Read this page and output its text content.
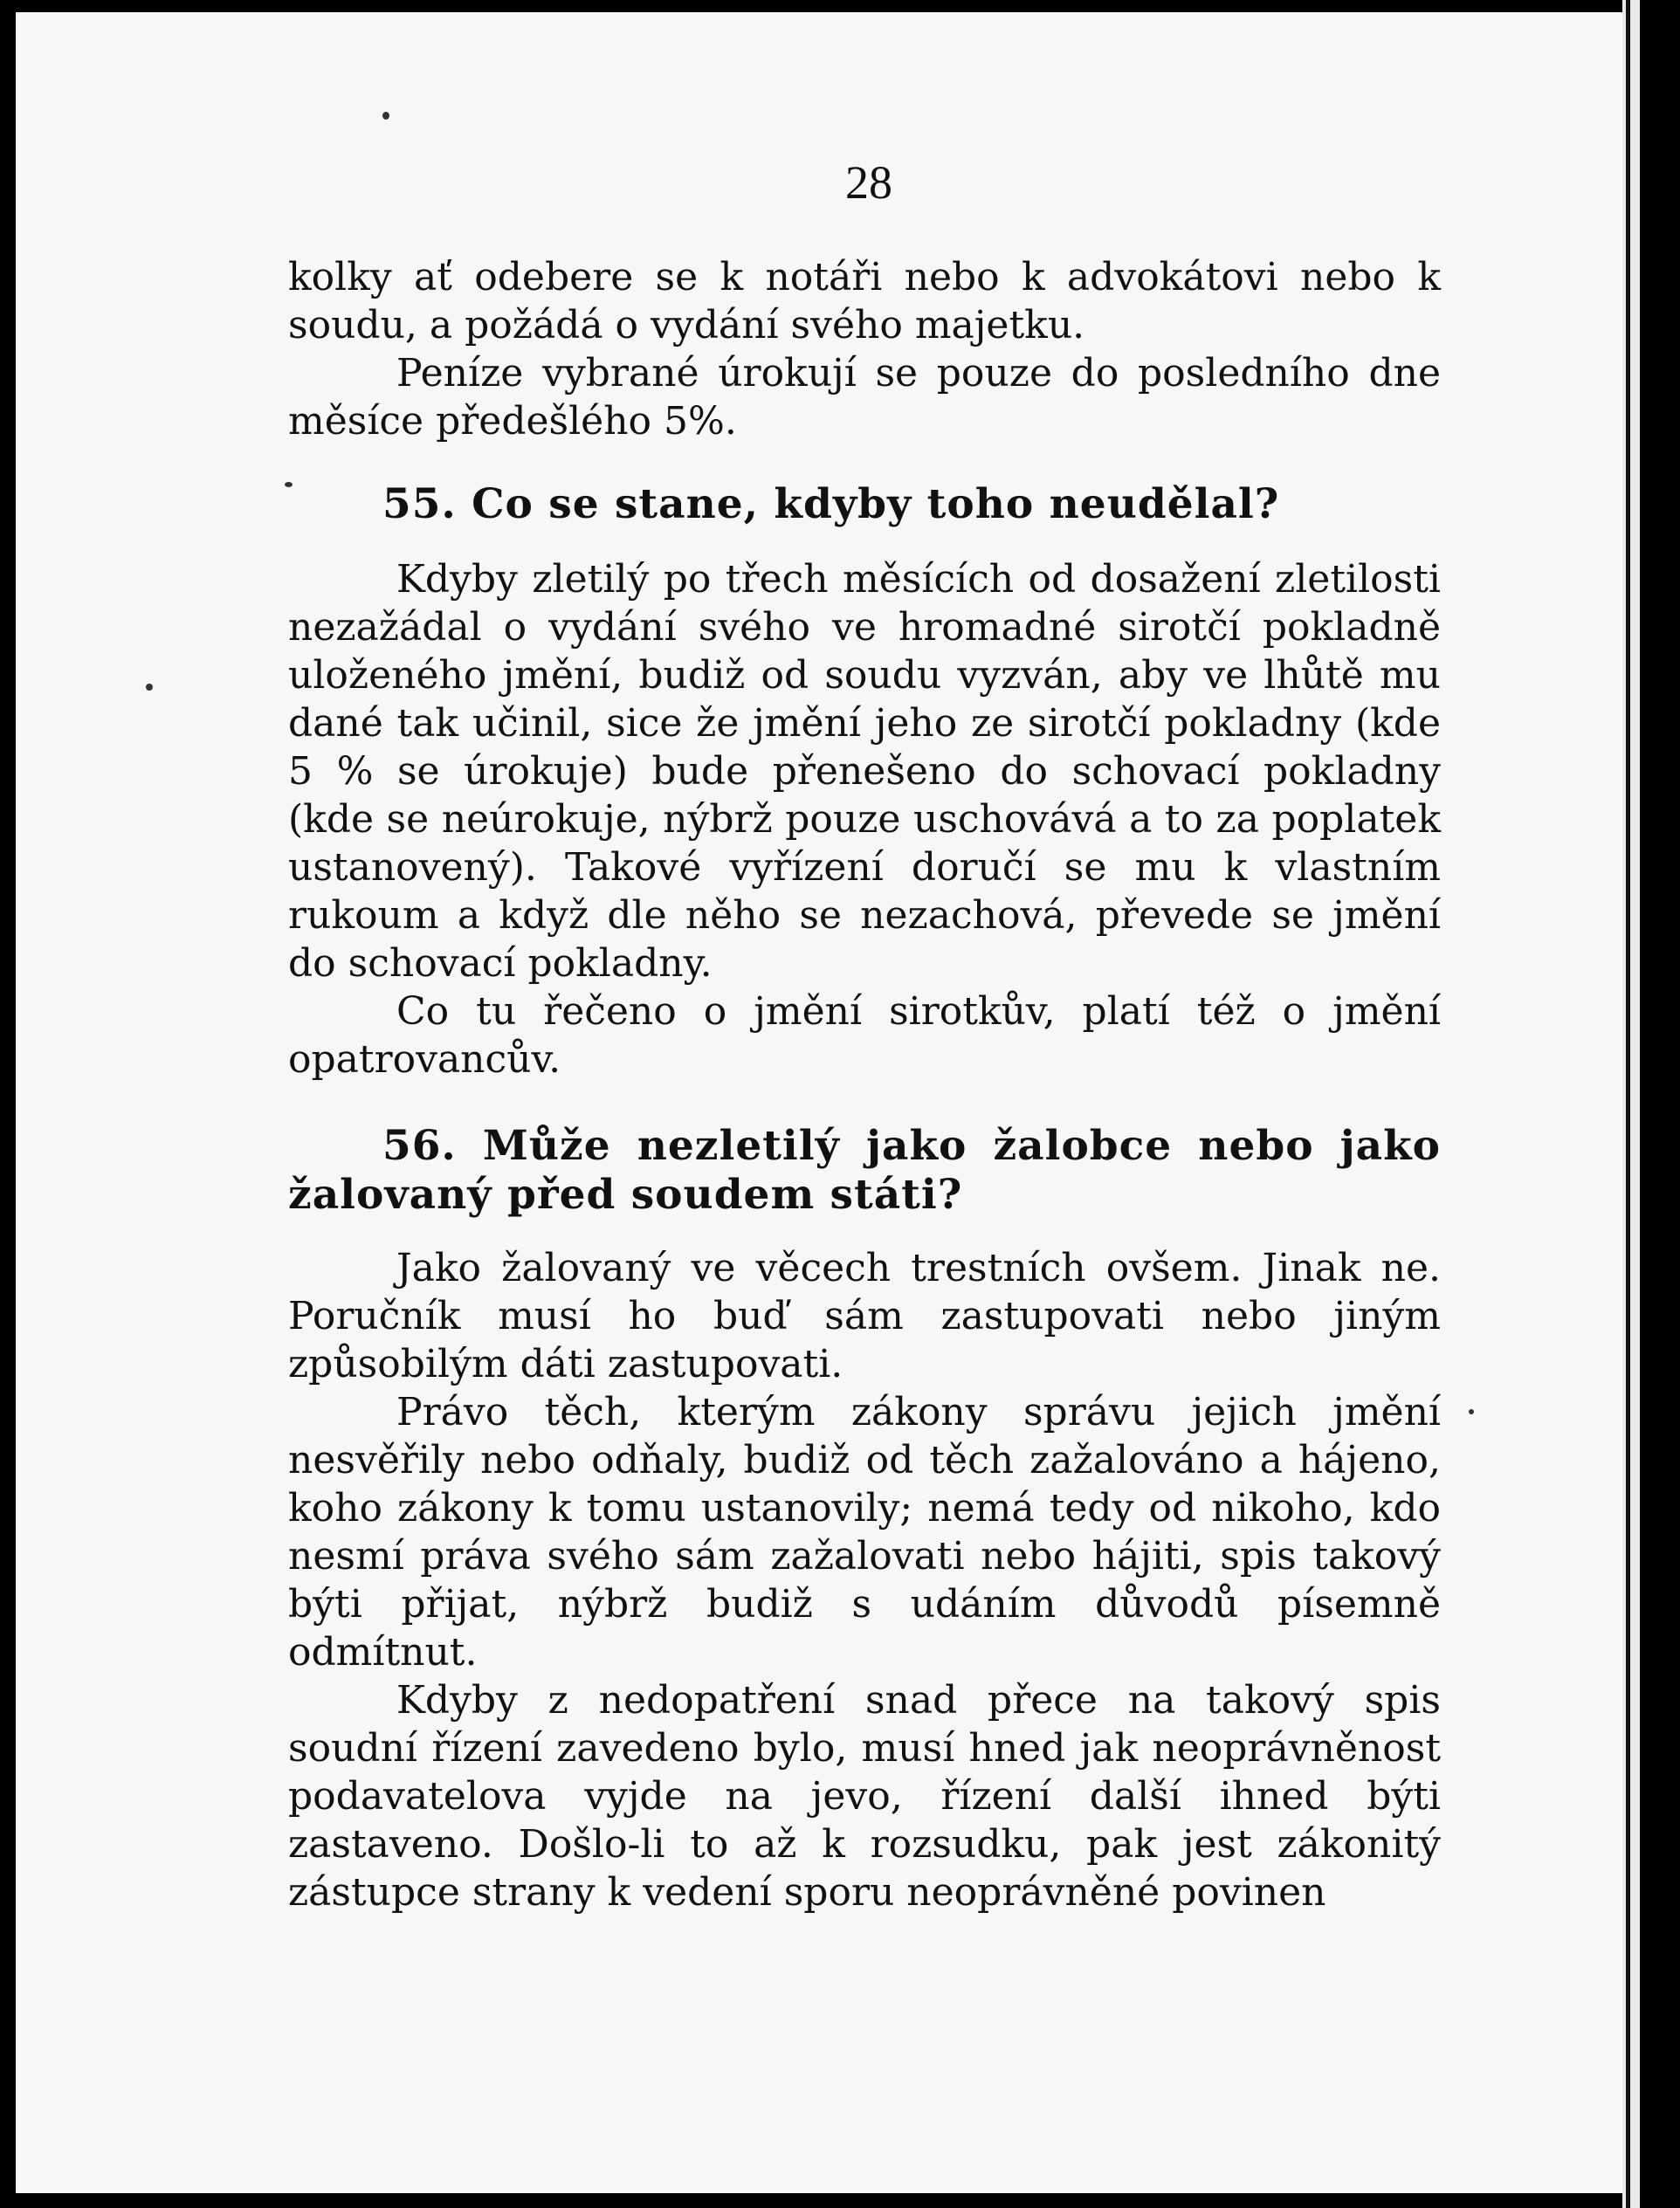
28

kolky ať odebere se k notáři nebo k advokátovi nebo k soudu, a požádá o vydání svého majetku.

Peníze vybrané úrokují se pouze do posledního dne měsíce předešlého 5%.

55. Co se stane, kdyby toho neudělal?

Kdyby zletilý po třech měsících od dosažení zletilosti nezažádal o vydání svého ve hromadné sirotčí pokladně uloženého jmění, budiž od soudu vyzván, aby ve lhůtě mu dané tak učinil, sice že jmění jeho ze sirotčí pokladny (kde 5 % se úrokuje) bude přenešeno do schovací pokladny (kde se neúrokuje, nýbrž pouze uschovává a to za poplatek ustanovený). Takové vyřízení doručí se mu k vlastním rukoum a když dle něho se nezachová, převede se jmění do schovací pokladny.

Co tu řečeno o jmění sirotkův, platí též o jmění opatrovancův.

56. Může nezletilý jako žalobce nebo jako žalovaný před soudem státi?

Jako žalovaný ve věcech trestních ovšem. Jinak ne. Poručník musí ho buď sám zastupovati nebo jiným způsobilým dáti zastupovati.

Právo těch, kterým zákony správu jejich jmění nesvěřily nebo odňaly, budiž od těch zažalováno a hájeno, koho zákony k tomu ustanovily; nemá tedy od nikoho, kdo nesmí práva svého sám zažalovati nebo hájiti, spis takový býti přijat, nýbrž budiž s udáním důvodů písemně odmítnut.

Kdyby z nedopatření snad přece na takový spis soudní řízení zavedeno bylo, musí hned jak neoprávněnost podavatelova vyjde na jevo, řízení další ihned býti zastaveno. Došlo-li to až k rozsudku, pak jest zákonitý zástupce strany k vedení sporu neoprávněné povinen
